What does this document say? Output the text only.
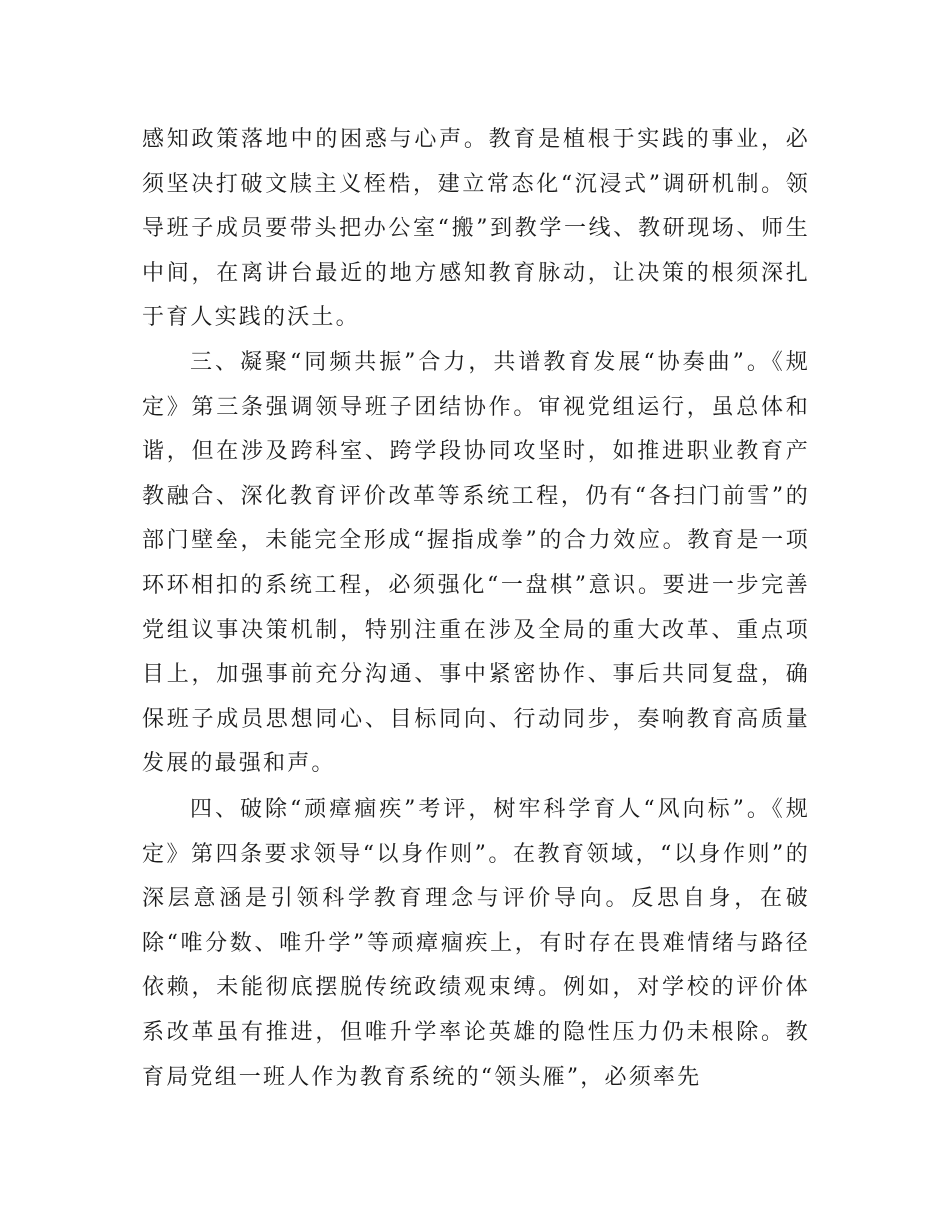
感知政策落地中的困惑与心声。教育是植根于实践的事业，必须坚决打破文牍主义桎梏，建立常态化“沉浸式”调研机制。领导班子成员要带头把办公室“搬”到教学一线、教研现场、师生中间，在离讲台最近的地方感知教育脉动，让决策的根须深扎于育人实践的沃土。

三、凝聚“同频共振”合力，共谱教育发展“协奏曲”。《规定》第三条强调领导班子团结协作。审视党组运行，虽总体和谐，但在涉及跨科室、跨学段协同攻坚时，如推进职业教育产教融合、深化教育评价改革等系统工程，仍有“各扫门前雪”的部门壁垒，未能完全形成“握指成拳”的合力效应。教育是一项环环相扣的系统工程，必须强化“一盘棋”意识。要进一步完善党组议事决策机制，特别注重在涉及全局的重大改革、重点项目上，加强事前充分沟通、事中紧密协作、事后共同复盘，确保班子成员思想同心、目标同向、行动同步，奏响教育高质量发展的最强和声。

四、破除“顽瘴痼疾”考评，树牢科学育人“风向标”。《规定》第四条要求领导“以身作则”。在教育领域，“以身作则”的深层意涵是引领科学教育理念与评价导向。反思自身，在破除“唯分数、唯升学”等顽瘴痼疾上，有时存在畏难情绪与路径依赖，未能彻底摆脱传统政绩观束缚。例如，对学校的评价体系改革虽有推进，但唯升学率论英雄的隐性压力仍未根除。教育局党组一班人作为教育系统的“领头雁”，必须率先
